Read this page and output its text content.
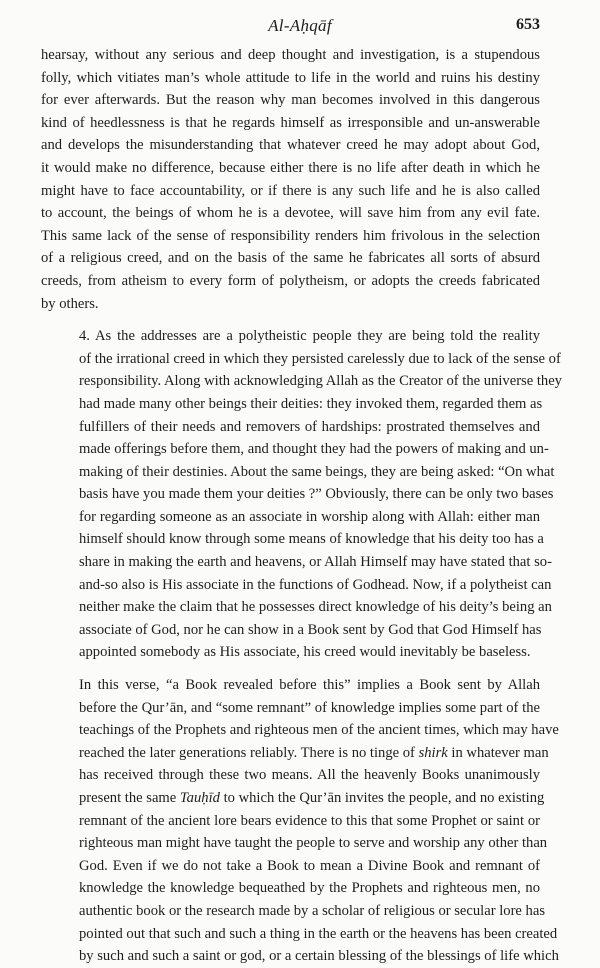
Al-Aḥqāf	653
hearsay, without any serious and deep thought and investigation, is a stupendous
folly, which vitiates man’s whole attitude to life in the world and ruins his destiny
for ever afterwards. But the reason why man becomes involved in this dangerous
kind of heedlessness is that he regards himself as irresponsible and un-answerable
and develops the misunderstanding that whatever creed he may adopt about God,
it would make no difference, because either there is no life after death in which he
might have to face accountability, or if there is any such life and he is also called
to account, the beings of whom he is a devotee, will save him from any evil fate.
This same lack of the sense of responsibility renders him frivolous in the selection
of a religious creed, and on the basis of the same he fabricates all sorts of absurd
creeds, from atheism to every form of polytheism, or adopts the creeds fabricated
by others.
4. As the addresses are a polytheistic people they are being told the reality
of the irrational creed in which they persisted carelessly due to lack of the sense of
responsibility. Along with acknowledging Allah as the Creator of the universe they
had made many other beings their deities: they invoked them, regarded them as
fulfillers of their needs and removers of hardships: prostrated themselves and
made offerings before them, and thought they had the powers of making and un-
making of their destinies. About the same beings, they are being asked: “On what
basis have you made them your deities ?” Obviously, there can be only two bases
for regarding someone as an associate in worship along with Allah: either man
himself should know through some means of knowledge that his deity too has a
share in making the earth and heavens, or Allah Himself may have stated that so-
and-so also is His associate in the functions of Godhead. Now, if a polytheist can
neither make the claim that he possesses direct knowledge of his deity’s being an
associate of God, nor he can show in a Book sent by God that God Himself has
appointed somebody as His associate, his creed would inevitably be baseless.
In this verse, “a Book revealed before this” implies a Book sent by Allah
before the Qur’ān, and “some remnant” of knowledge implies some part of the
teachings of the Prophets and righteous men of the ancient times, which may have
reached the later generations reliably. There is no tinge of shirk in whatever man
has received through these two means. All the heavenly Books unanimously
present the same Tauḥīd to which the Qur’ān invites the people, and no existing
remnant of the ancient lore bears evidence to this that some Prophet or saint or
righteous man might have taught the people to serve and worship any other than
God. Even if we do not take a Book to mean a Divine Book and remnant of
knowledge the knowledge bequeathed by the Prophets and righteous men, no
authentic book or the research made by a scholar of religious or secular lore has
pointed out that such and such a thing in the earth or the heavens has been created
by such and such a saint or god, or a certain blessing of the blessings of life which
